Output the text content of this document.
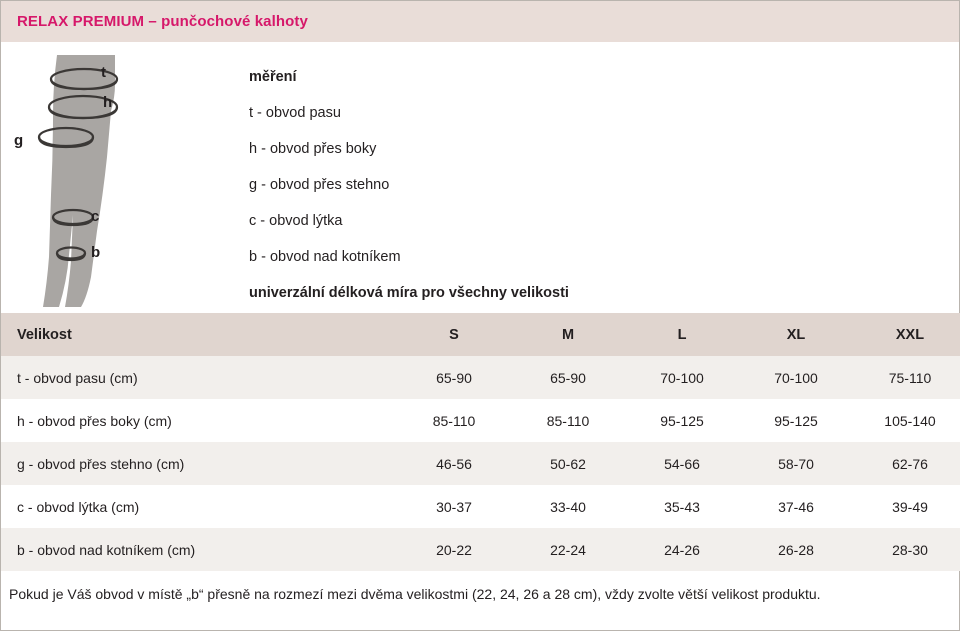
RELAX PREMIUM – punčochové kalhoty
t
h
g
c
b
měření
t - obvod pasu
h - obvod přes boky
g - obvod přes stehno
c - obvod lýtka
b - obvod nad kotníkem
univerzální délková míra pro všechny velikosti
Velikost	S	M	L	XL	XXL
t - obvod pasu (cm)	65-90	65-90	70-100	70-100	75-110
h - obvod přes boky (cm)	85-110	85-110	95-125	95-125	105-140
g - obvod přes stehno (cm)	46-56	50-62	54-66	58-70	62-76
c - obvod lýtka (cm)	30-37	33-40	35-43	37-46	39-49
b - obvod nad kotníkem (cm)	20-22	22-24	24-26	26-28	28-30
Pokud je Váš obvod v místě „b“ přesně na rozmezí mezi dvěma velikostmi (22, 24, 26 a 28 cm), vždy zvolte větší velikost produktu.
